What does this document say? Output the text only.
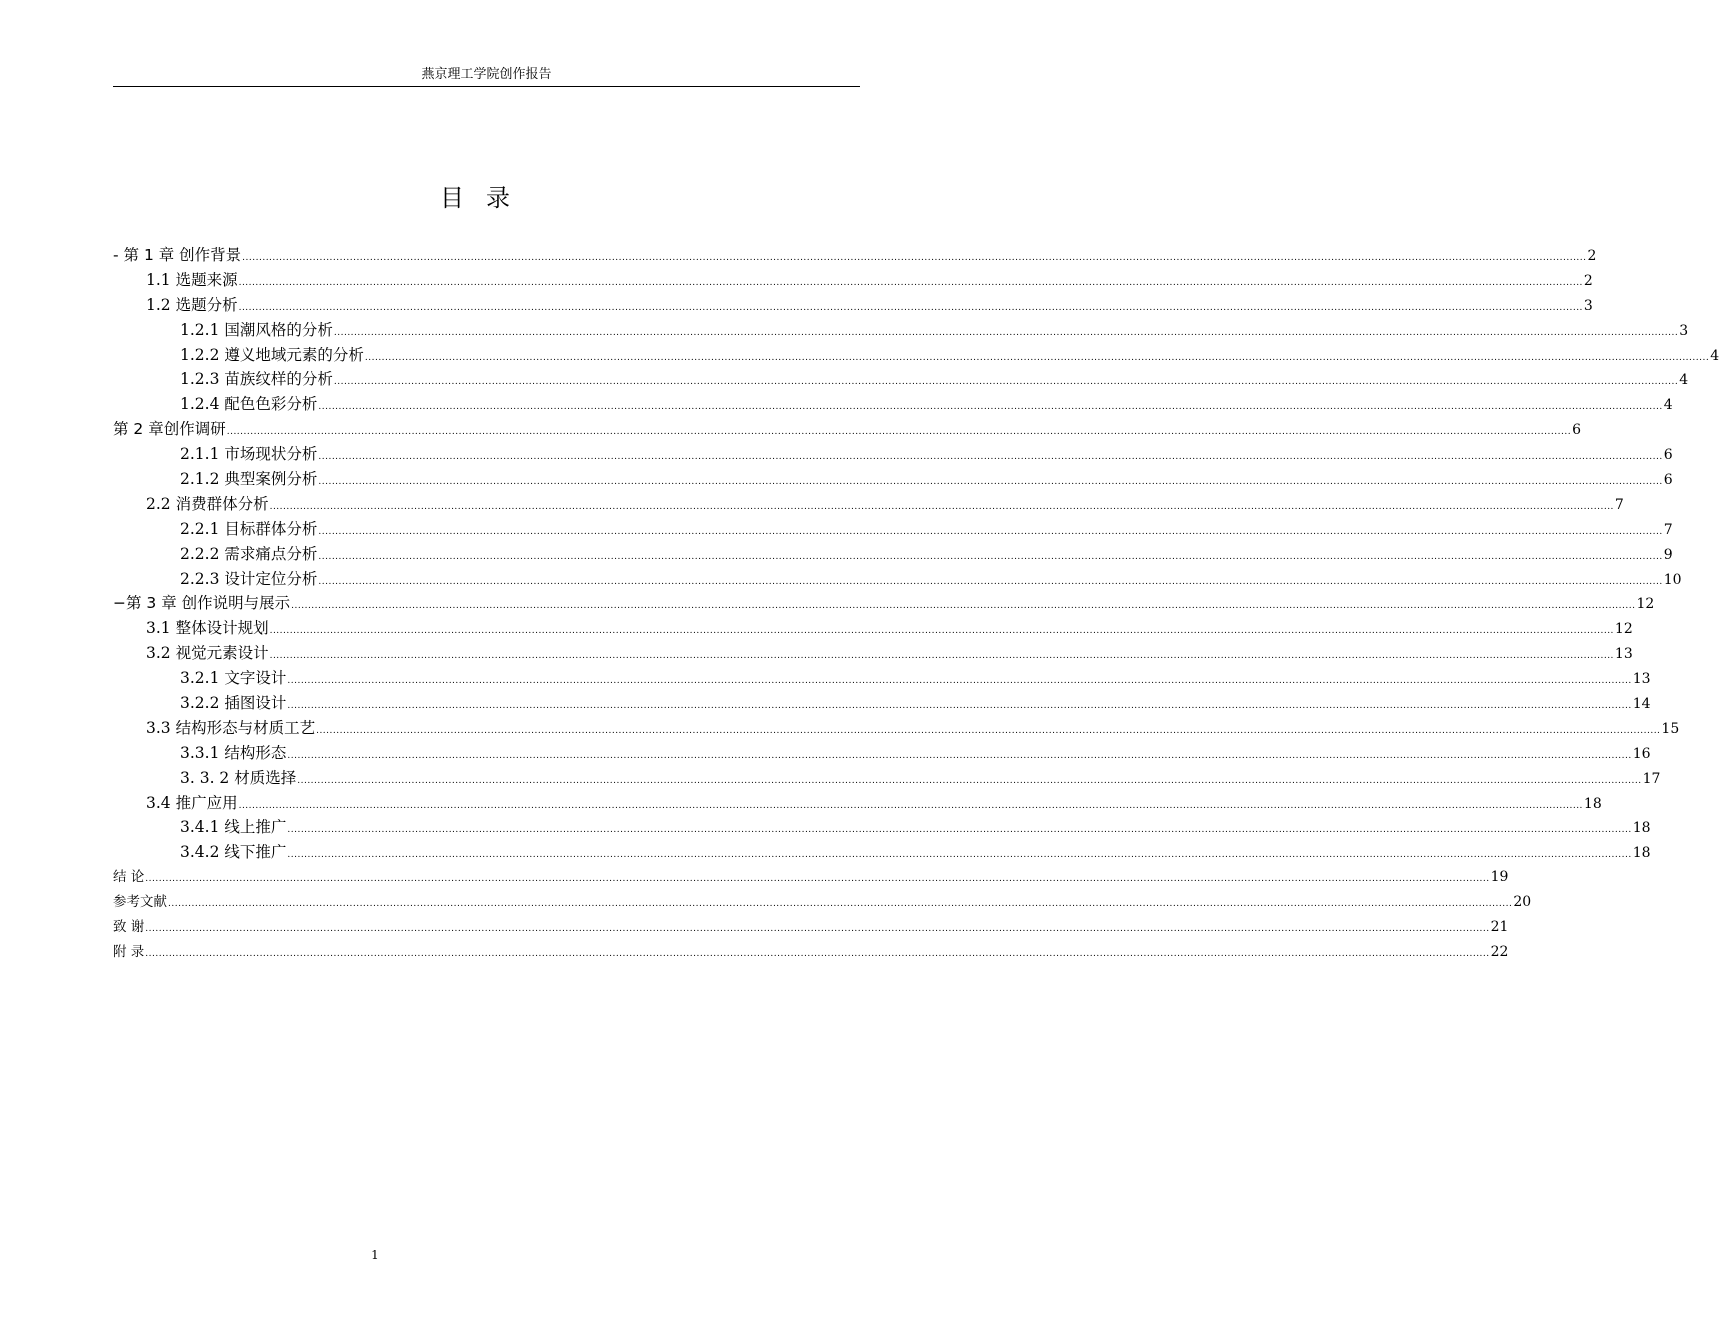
燕京理工学院创作报告
目录
- 第 1 章 创作背景 ................................................................................................................................................................................................................................................................................................................................................................................................................ 2
1.1 选题来源 ................................................................................................................................................................................................................................................................................................................................................................................................................ 2
1.2 选题分析 ................................................................................................................................................................................................................................................................................................................................................................................................................ 3
1.2.1 国潮风格的分析 ................................................................................................................................................................................................................................................................................................................................................................................................................ 3
1.2.2 遵义地域元素的分析 ................................................................................................................................................................................................................................................................................................................................................................................................................ 4
1.2.3 苗族纹样的分析 ................................................................................................................................................................................................................................................................................................................................................................................................................ 4
1.2.4 配色色彩分析 ................................................................................................................................................................................................................................................................................................................................................................................................................ 4
第 2 章创作调研 ................................................................................................................................................................................................................................................................................................................................................................................................................ 6
2.1.1 市场现状分析 ................................................................................................................................................................................................................................................................................................................................................................................................................ 6
2.1.2 典型案例分析 ................................................................................................................................................................................................................................................................................................................................................................................................................ 6
2.2 消费群体分析 ................................................................................................................................................................................................................................................................................................................................................................................................................ 7
2.2.1 目标群体分析 ................................................................................................................................................................................................................................................................................................................................................................................................................ 7
2.2.2 需求痛点分析 ................................................................................................................................................................................................................................................................................................................................................................................................................ 9
2.2.3 设计定位分析 ................................................................................................................................................................................................................................................................................................................................................................................................................ 10
−第 3 章 创作说明与展示 ................................................................................................................................................................................................................................................................................................................................................................................................................ 12
3.1 整体设计规划 ................................................................................................................................................................................................................................................................................................................................................................................................................ 12
3.2 视觉元素设计 ................................................................................................................................................................................................................................................................................................................................................................................................................ 13
3.2.1 文字设计 ................................................................................................................................................................................................................................................................................................................................................................................................................ 13
3.2.2 插图设计 ................................................................................................................................................................................................................................................................................................................................................................................................................ 14
3.3 结构形态与材质工艺 ................................................................................................................................................................................................................................................................................................................................................................................................................ 15
3.3.1 结构形态 ................................................................................................................................................................................................................................................................................................................................................................................................................ 16
3. 3. 2 材质选择 ................................................................................................................................................................................................................................................................................................................................................................................................................ 17
3.4 推广应用 ................................................................................................................................................................................................................................................................................................................................................................................................................ 18
3.4.1 线上推广 ................................................................................................................................................................................................................................................................................................................................................................................................................ 18
3.4.2 线下推广 ................................................................................................................................................................................................................................................................................................................................................................................................................ 18
结 论 ................................................................................................................................................................................................................................................................................................................................................................................................................ 19
参考文献 ................................................................................................................................................................................................................................................................................................................................................................................................................ 20
致 谢 ................................................................................................................................................................................................................................................................................................................................................................................................................ 21
附 录 ................................................................................................................................................................................................................................................................................................................................................................................................................ 22
1
